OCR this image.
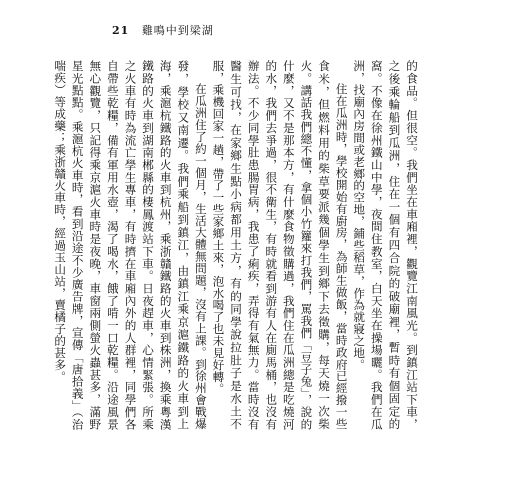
21 雞鳴中到梁湖

的食品。但很空。我們坐在車廂裡，觀覽江南風光。到鎮江站下車，之後乘輪船到瓜洲，住在一個有四合院的破廟裡，暫時有個固定的窩。不像在徐州鐵山中學，夜間住教室，白天坐在操場曬。我們在瓜洲，找廟內房間或老鄉的空地，鋪些稻草，作為就寢之地。

住在瓜洲時，學校開始有廚房，為師生做飯，當時政府已經撥一些食米，但燃料用的柴草要派幾個學生到鄉下去徵購，每天燒一次柴火。講話我們總不懂，拿個小竹籮來打我們，罵我們「豆子兔」，說的什麼，又不是那本方，有什麼食物徵購過，我們住在瓜洲總是吃燒河的水，我們去爭過，很不衛生，有時就看到游有人在廁馬桶，也沒有辦法。不少同學肚患腸胃病，我患了痢疾，弄得有氣無力。當時沒有醫生可找，在家鄉生點小病都用土方，有的同學說拉肚子是水土不服，乘機回家一趟，帶了一些家鄉土來，泡水喝了也未見好轉。

在瓜洲住了約一個月，生活大體無問題，沒有上課。到徐州會戰爆發，學校又南遷。我們乘船到鎮江，由鎮江乘京滬鐵路的火車到上海，乘滬杭鐵路的火車到杭州，乘浙贛鐵路的火車到株洲，換乘粵漢鐵路的火車到湖南郴縣的棲鳳渡站下車。日夜趕車，心情緊張。所乘之火車有時為流亡學生專車，有時擠在車廂內外的人群裡，同學們各自帶些乾糧，備有軍用水壺，渴了喝水，餓了啃一口乾糧。沿途風景無心觀覽，只記得乘京滬火車時是夜晚，車窗兩側螢火蟲甚多，滿野星光點點。乘滬杭火車時，看到沿途不少廣告牌，宣傳「唐拾義」（治喘疾）等成藥；乘浙贛火車時，經過玉山站，賣橘子的甚多。
